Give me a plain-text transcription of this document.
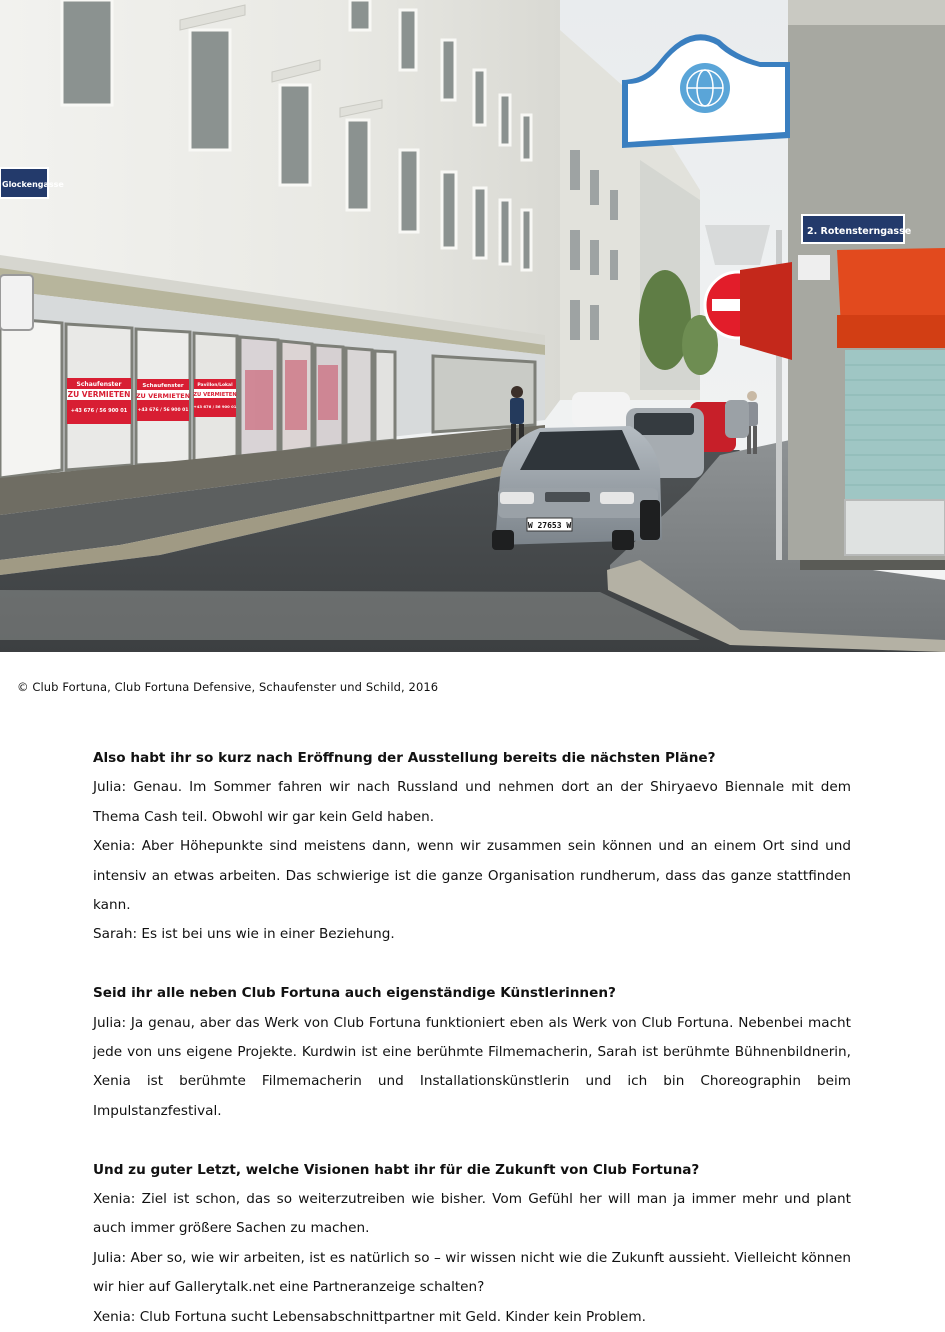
Glockengasse
Schaufenster
ZU VERMIETEN
+43 676 / 56 900 01
Schaufenster
ZU VERMIETEN
+43 676 / 56 900 01
Pavillon/Lokal
ZU VERMIETEN
+43 676 / 56 900 01
W 27653 W
2. Rotensterngasse
© Club Fortuna, Club Fortuna Defensive, Schaufenster und Schild, 2016

Also habt ihr so kurz nach Eröffnung der Ausstellung bereits die nächsten Pläne?

Julia: Genau. Im Sommer fahren wir nach Russland und nehmen dort an der Shiryaevo Biennale mit dem Thema Cash teil. Obwohl wir gar kein Geld haben.

Xenia: Aber Höhepunkte sind meistens dann, wenn wir zusammen sein können und an einem Ort sind und intensiv an etwas arbeiten. Das schwierige ist die ganze Organisation rundherum, dass das ganze stattfinden kann.

Sarah: Es ist bei uns wie in einer Beziehung.

Seid ihr alle neben Club Fortuna auch eigenständige Künstlerinnen?

Julia: Ja genau, aber das Werk von Club Fortuna funktioniert eben als Werk von Club Fortuna. Nebenbei macht jede von uns eigene Projekte. Kurdwin ist eine berühmte Filmemacherin, Sarah ist berühmte Bühnenbildnerin, Xenia ist berühmte Filmemacherin und Installationskünstlerin und ich bin Choreographin beim Impulstanzfestival.

Und zu guter Letzt, welche Visionen habt ihr für die Zukunft von Club Fortuna?

Xenia: Ziel ist schon, das so weiterzutreiben wie bisher. Vom Gefühl her will man ja immer mehr und plant auch immer größere Sachen zu machen.

Julia: Aber so, wie wir arbeiten, ist es natürlich so – wir wissen nicht wie die Zukunft aussieht. Vielleicht können wir hier auf Gallerytalk.net eine Partneranzeige schalten?

Xenia: Club Fortuna sucht Lebensabschnittpartner mit Geld. Kinder kein Problem.
